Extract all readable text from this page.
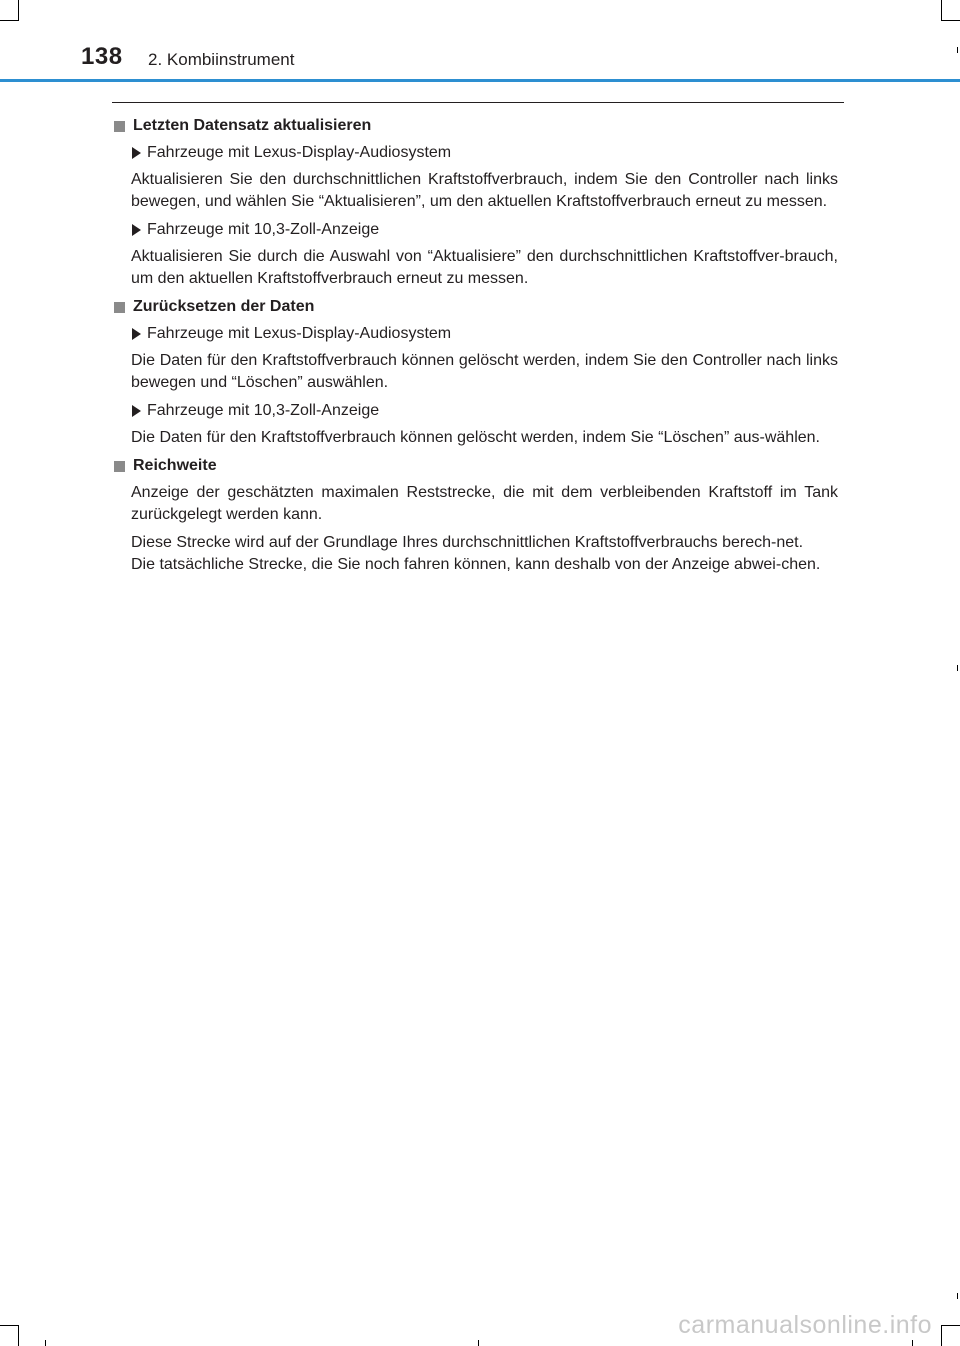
138 2. Kombiinstrument
Letzten Datensatz aktualisieren
Fahrzeuge mit Lexus-Display-Audiosystem
Aktualisieren Sie den durchschnittlichen Kraftstoffverbrauch, indem Sie den Controller nach links bewegen, und wählen Sie “Aktualisieren”, um den aktuellen Kraftstoffverbrauch erneut zu messen.
Fahrzeuge mit 10,3-Zoll-Anzeige
Aktualisieren Sie durch die Auswahl von “Aktualisiere” den durchschnittlichen Kraftstoffver-brauch, um den aktuellen Kraftstoffverbrauch erneut zu messen.
Zurücksetzen der Daten
Fahrzeuge mit Lexus-Display-Audiosystem
Die Daten für den Kraftstoffverbrauch können gelöscht werden, indem Sie den Controller nach links bewegen und “Löschen” auswählen.
Fahrzeuge mit 10,3-Zoll-Anzeige
Die Daten für den Kraftstoffverbrauch können gelöscht werden, indem Sie “Löschen” aus-wählen.
Reichweite
Anzeige der geschätzten maximalen Reststrecke, die mit dem verbleibenden Kraftstoff im Tank zurückgelegt werden kann.
Diese Strecke wird auf der Grundlage Ihres durchschnittlichen Kraftstoffverbrauchs berech-net.
Die tatsächliche Strecke, die Sie noch fahren können, kann deshalb von der Anzeige abwei-chen.
carmanualsonline.info
